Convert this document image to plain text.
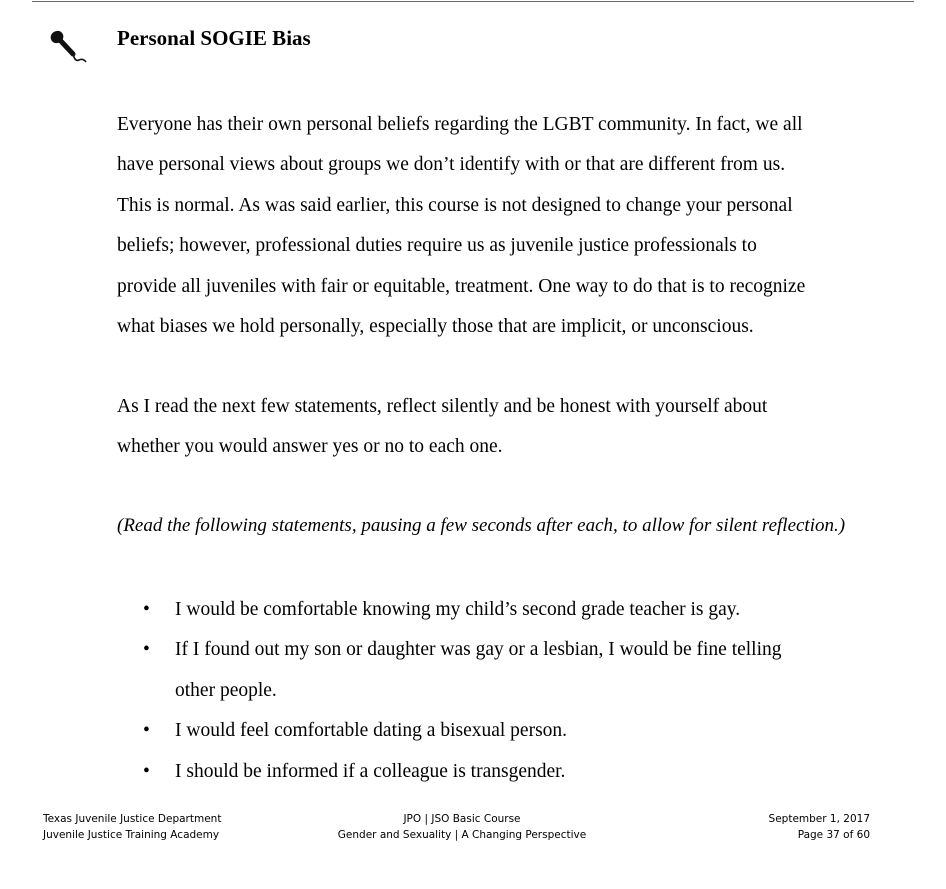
Personal SOGIE Bias
Everyone has their own personal beliefs regarding the LGBT community. In fact, we all
have personal views about groups we don’t identify with or that are different from us.
This is normal. As was said earlier, this course is not designed to change your personal
beliefs; however, professional duties require us as juvenile justice professionals to
provide all juveniles with fair or equitable, treatment. One way to do that is to recognize
what biases we hold personally, especially those that are implicit, or unconscious.
As I read the next few statements, reflect silently and be honest with yourself about
whether you would answer yes or no to each one.
(Read the following statements, pausing a few seconds after each, to allow for silent reflection.)
• I would be comfortable knowing my child’s second grade teacher is gay.
• If I found out my son or daughter was gay or a lesbian, I would be fine telling
other people.
• I would feel comfortable dating a bisexual person.
• I should be informed if a colleague is transgender.
Texas Juvenile Justice Department
Juvenile Justice Training Academy
JPO | JSO Basic Course
Gender and Sexuality | A Changing Perspective
September 1, 2017
Page 37 of 60
